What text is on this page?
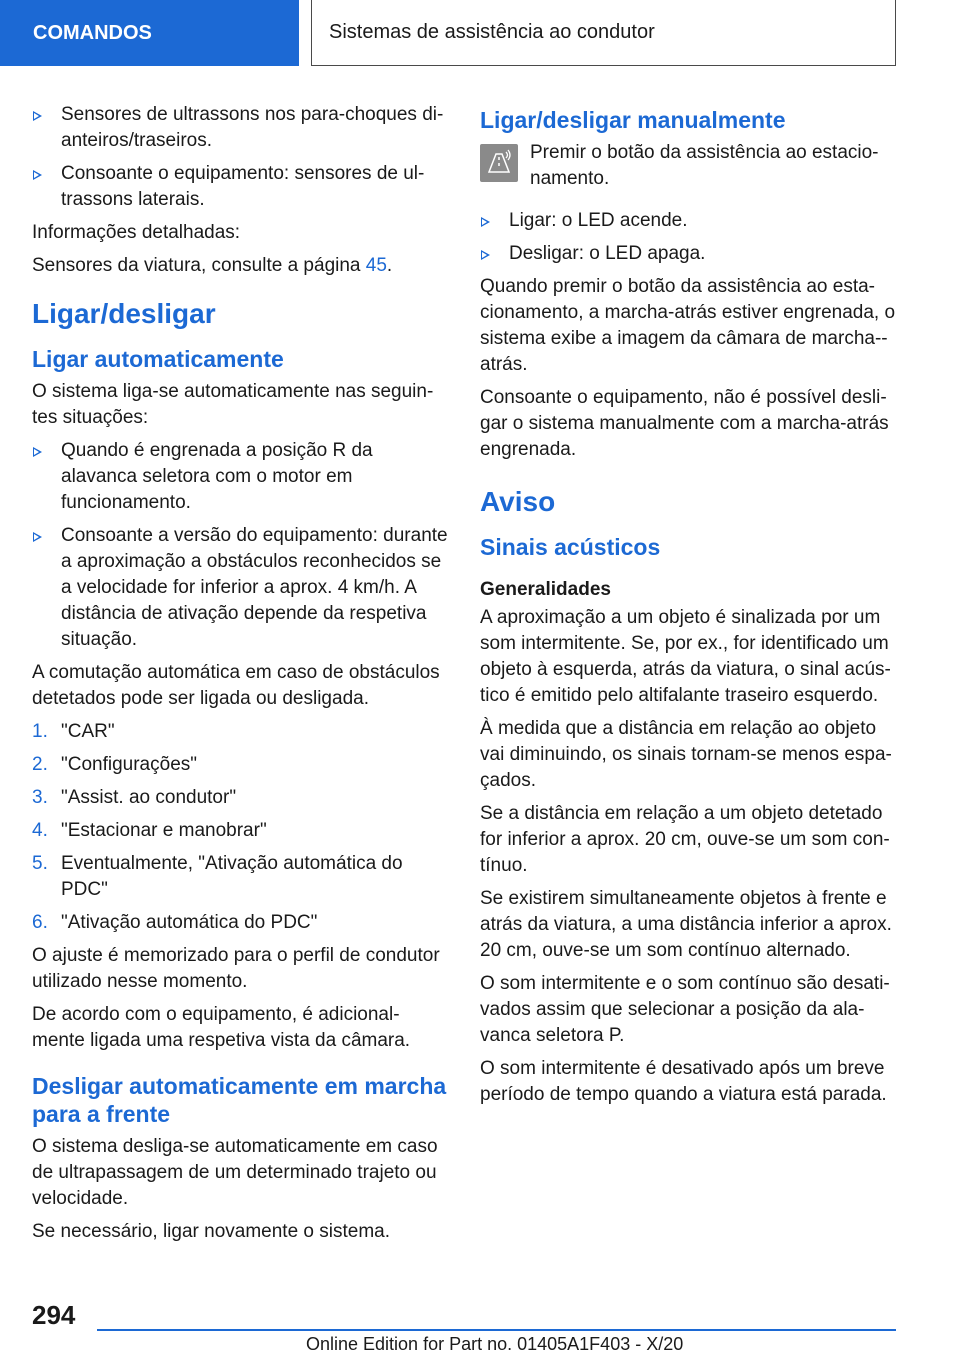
COMANDOS	Sistemas de assistência ao condutor
Sensores de ultrassons nos para-choques di-anteiros/traseiros.
Consoante o equipamento: sensores de ul-trassons laterais.

Informações detalhadas:

Sensores da viatura, consulte a página 45.

Ligar/desligar
Ligar automaticamente

O sistema liga-se automaticamente nas seguin-tes situações:

Quando é engrenada a posição R da alavanca seletora com o motor em funcionamento.
Consoante a versão do equipamento: durante a aproximação a obstáculos reconhecidos se a velocidade for inferior a aprox. 4 km/h. A distância de ativação depende da respetiva situação.

A comutação automática em caso de obstáculos detetados pode ser ligada ou desligada.

1. "CAR"
2. "Configurações"
3. "Assist. ao condutor"
4. "Estacionar e manobrar"
5. Eventualmente, "Ativação automática do PDC"
6. "Ativação automática do PDC"

O ajuste é memorizado para o perfil de condutor utilizado nesse momento.

De acordo com o equipamento, é adicional-mente ligada uma respetiva vista da câmara.

Desligar automaticamente em marcha para a frente

O sistema desliga-se automaticamente em caso de ultrapassagem de um determinado trajeto ou velocidade.

Se necessário, ligar novamente o sistema.

Ligar/desligar manualmente

Premir o botão da assistência ao estacio-namento.

Ligar: o LED acende.
Desligar: o LED apaga.

Quando premir o botão da assistência ao esta-cionamento, a marcha-atrás estiver engrenada, o sistema exibe a imagem da câmara de marcha--atrás.

Consoante o equipamento, não é possível desli-gar o sistema manualmente com a marcha-atrás engrenada.

Aviso
Sinais acústicos
Generalidades

A aproximação a um objeto é sinalizada por um som intermitente. Se, por ex., for identificado um objeto à esquerda, atrás da viatura, o sinal acús-tico é emitido pelo altifalante traseiro esquerdo.

À medida que a distância em relação ao objeto vai diminuindo, os sinais tornam-se menos espa-çados.

Se a distância em relação a um objeto detetado for inferior a aprox. 20 cm, ouve-se um som con-tínuo.

Se existirem simultaneamente objetos à frente e atrás da viatura, a uma distância inferior a aprox. 20 cm, ouve-se um som contínuo alternado.

O som intermitente e o som contínuo são desati-vados assim que selecionar a posição da ala-vanca seletora P.

O som intermitente é desativado após um breve período de tempo quando a viatura está parada.

294
Online Edition for Part no. 01405A1F403 - X/20
